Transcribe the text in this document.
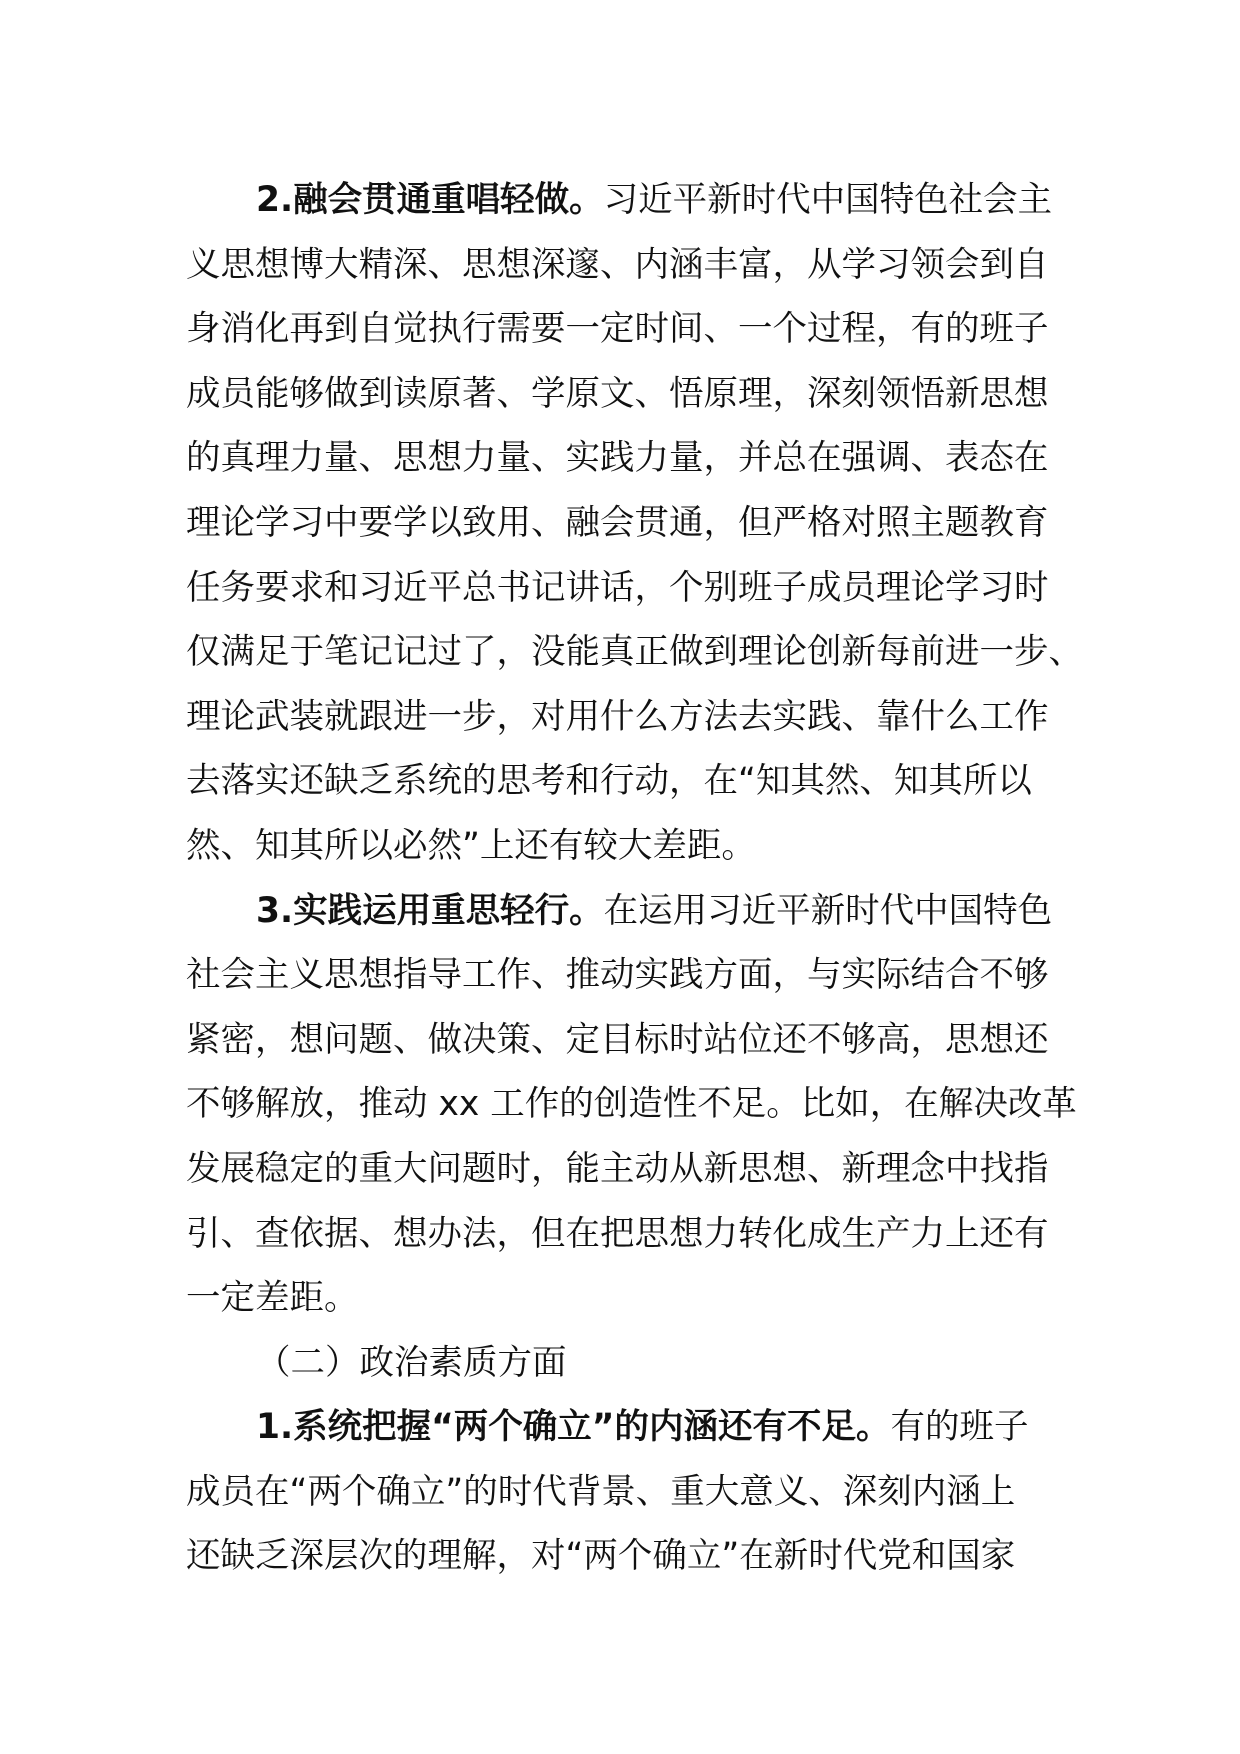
2.融会贯通重唱轻做。习近平新时代中国特色社会主
义思想博大精深、思想深邃、内涵丰富，从学习领会到自
身消化再到自觉执行需要一定时间、一个过程，有的班子
成员能够做到读原著、学原文、悟原理，深刻领悟新思想
的真理力量、思想力量、实践力量，并总在强调、表态在
理论学习中要学以致用、融会贯通，但严格对照主题教育
任务要求和习近平总书记讲话，个别班子成员理论学习时
仅满足于笔记记过了，没能真正做到理论创新每前进一步、
理论武装就跟进一步，对用什么方法去实践、靠什么工作
去落实还缺乏系统的思考和行动，在“知其然、知其所以
然、知其所以必然”上还有较大差距。

3.实践运用重思轻行。在运用习近平新时代中国特色
社会主义思想指导工作、推动实践方面，与实际结合不够
紧密，想问题、做决策、定目标时站位还不够高，思想还
不够解放，推动 xx 工作的创造性不足。比如，在解决改革
发展稳定的重大问题时，能主动从新思想、新理念中找指
引、查依据、想办法，但在把思想力转化成生产力上还有
一定差距。

（二）政治素质方面

1.系统把握“两个确立”的内涵还有不足。有的班子
成员在“两个确立”的时代背景、重大意义、深刻内涵上
还缺乏深层次的理解，对“两个确立”在新时代党和国家
